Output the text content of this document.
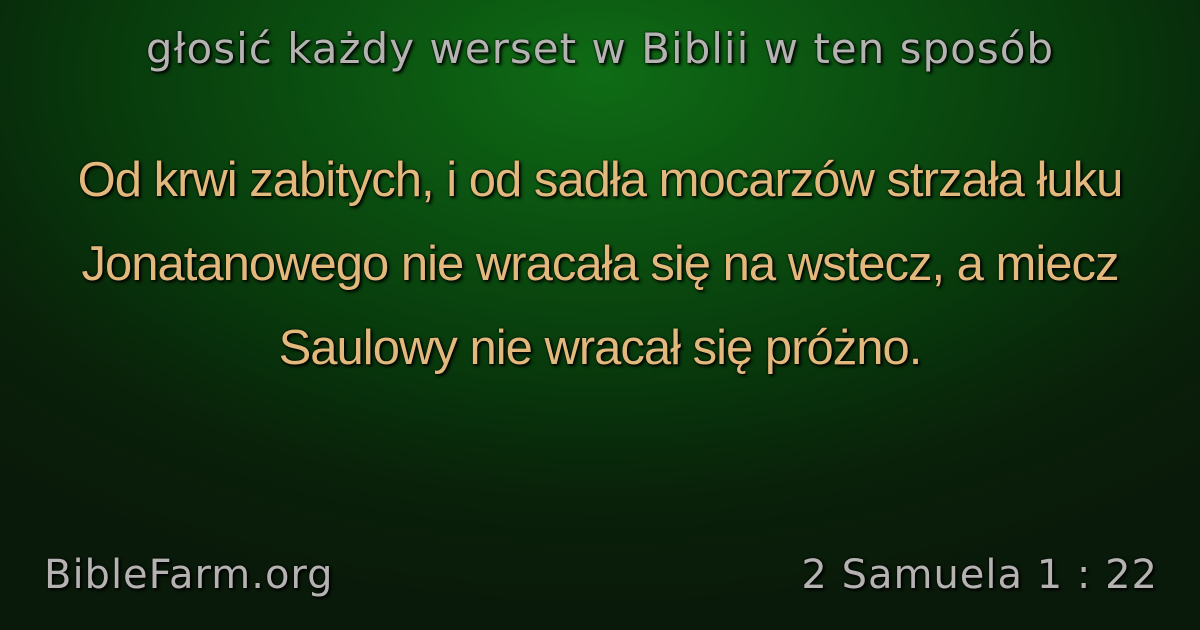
głosić każdy werset w Biblii w ten sposób
Od krwi zabitych, i od sadła mocarzów strzała łuku Jonatanowego nie wracała się na wstecz, a miecz Saulowy nie wracał się próżno.
BibleFarm.org	2 Samuela 1 : 22
